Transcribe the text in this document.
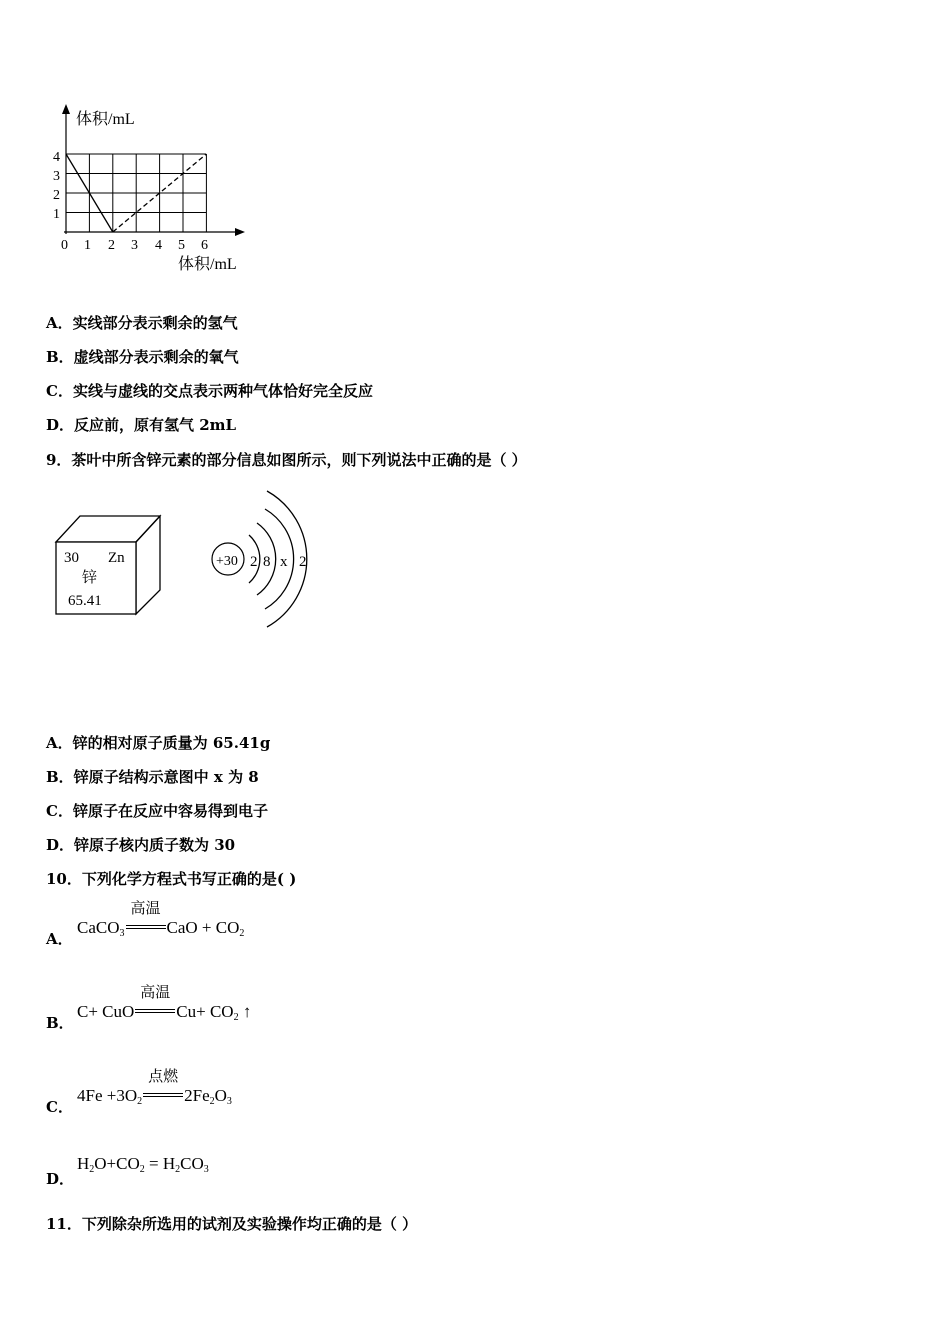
体积/mL
体积/mL
1
2
3
4
0 1 2 3 4 5 6
A．实线部分表示剩余的氢气
B．虚线部分表示剩余的氧气
C．实线与虚线的交点表示两种气体恰好完全反应
D．反应前，原有氢气 2mL
9．茶叶中所含锌元素的部分信息如图所示，则下列说法中正确的是（ ）
30 Zn
锌
65.41
+30 2 8 x 2
A．锌的相对原子质量为 65.41g
B．锌原子结构示意图中 x 为 8
C．锌原子在反应中容易得到电子
D．锌原子核内质子数为 30
10．下列化学方程式书写正确的是( )
A．
CaCO$_3$
高温
CaO + $CO_2$
B．
C+ CuO
高温
$Cu+ CO_2$ ↑
C．
$4Fe +3O_2$
点燃
$2Fe_2O_3$
D．
$H_2O+CO_2 = H_2CO_3$
11．下列除杂所选用的试剂及实验操作均正确的是（ ）
